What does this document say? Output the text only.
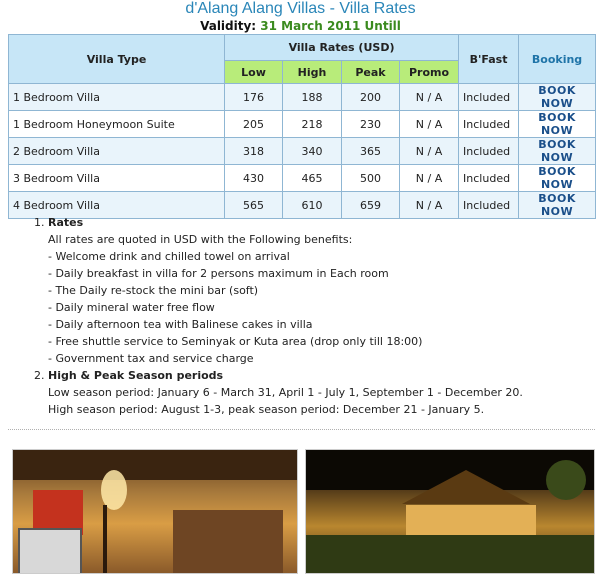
d'Alang Alang Villas - Villa Rates
Validity: 31 March 2011 Untill
Villa Type	Villa Rates (USD)				B'Fast	Booking
	Low	High	Peak	Promo		
1 Bedroom Villa	176	188	200	N / A	Included	BOOK NOW
1 Bedroom Honeymoon Suite	205	218	230	N / A	Included	BOOK NOW
2 Bedroom Villa	318	340	365	N / A	Included	BOOK NOW
3 Bedroom Villa	430	465	500	N / A	Included	BOOK NOW
4 Bedroom Villa	565	610	659	N / A	Included	BOOK NOW
1. Rates
All rates are quoted in USD with the Following benefits:
- Welcome drink and chilled towel on arrival
- Daily breakfast in villa for 2 persons maximum in Each room
- The Daily re-stock the mini bar (soft)
- Daily mineral water free flow
- Daily afternoon tea with Balinese cakes in villa
- Free shuttle service to Seminyak or Kuta area (drop only till 18:00)
- Government tax and service charge
2. High & Peak Season periods
Low season period: January 6 - March 31, April 1 - July 1, September 1 - December 20.
High season period: August 1-3, peak season period: December 21 - January 5.
